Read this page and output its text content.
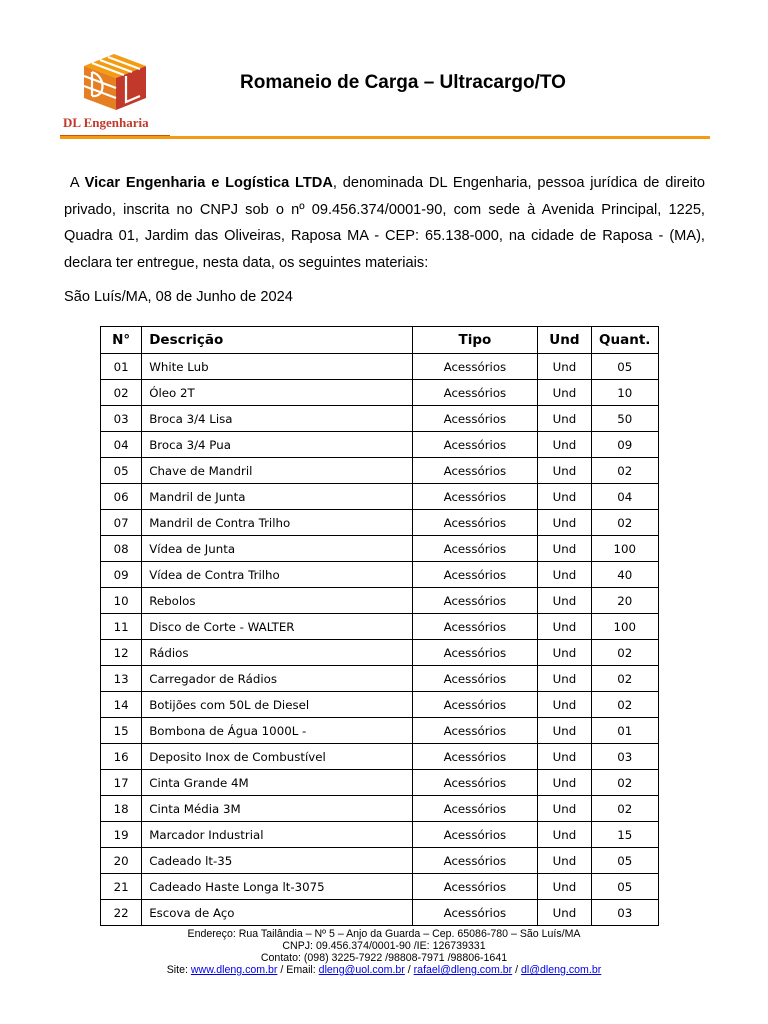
DL Engenharia
Romaneio de Carga – Ultracargo/TO

A Vicar Engenharia e Logística LTDA, denominada DL Engenharia, pessoa jurídica de direito privado, inscrita no CNPJ sob o nº 09.456.374/0001-90, com sede à Avenida Principal, 1225, Quadra 01, Jardim das Oliveiras, Raposa MA - CEP: 65.138-000, na cidade de Raposa - (MA), declara ter entregue, nesta data, os seguintes materiais:

São Luís/MA, 08 de Junho de 2024
N°	Descrição	Tipo	Und	Quant.
01	White Lub	Acessórios	Und	05
02	Óleo 2T	Acessórios	Und	10
03	Broca 3/4 Lisa	Acessórios	Und	50
04	Broca 3/4 Pua	Acessórios	Und	09
05	Chave de Mandril	Acessórios	Und	02
06	Mandril de Junta	Acessórios	Und	04
07	Mandril de Contra Trilho	Acessórios	Und	02
08	Vídea de Junta	Acessórios	Und	100
09	Vídea de Contra Trilho	Acessórios	Und	40
10	Rebolos	Acessórios	Und	20
11	Disco de Corte - WALTER	Acessórios	Und	100
12	Rádios	Acessórios	Und	02
13	Carregador de Rádios	Acessórios	Und	02
14	Botijões com 50L de Diesel	Acessórios	Und	02
15	Bombona de Água 1000L -	Acessórios	Und	01
16	Deposito Inox de Combustível	Acessórios	Und	03
17	Cinta Grande 4M	Acessórios	Und	02
18	Cinta Média 3M	Acessórios	Und	02
19	Marcador Industrial	Acessórios	Und	15
20	Cadeado lt-35	Acessórios	Und	05
21	Cadeado Haste Longa lt-3075	Acessórios	Und	05
22	Escova de Aço	Acessórios	Und	03
Endereço: Rua Tailândia – Nº 5 – Anjo da Guarda – Cep. 65086-780 – São Luís/MA
CNPJ: 09.456.374/0001-90 /IE: 126739331
Contato: (098) 3225-7922 /98808-7971 /98806-1641
Site: www.dleng.com.br / Email: dleng@uol.com.br / rafael@dleng.com.br / dl@dleng.com.br
